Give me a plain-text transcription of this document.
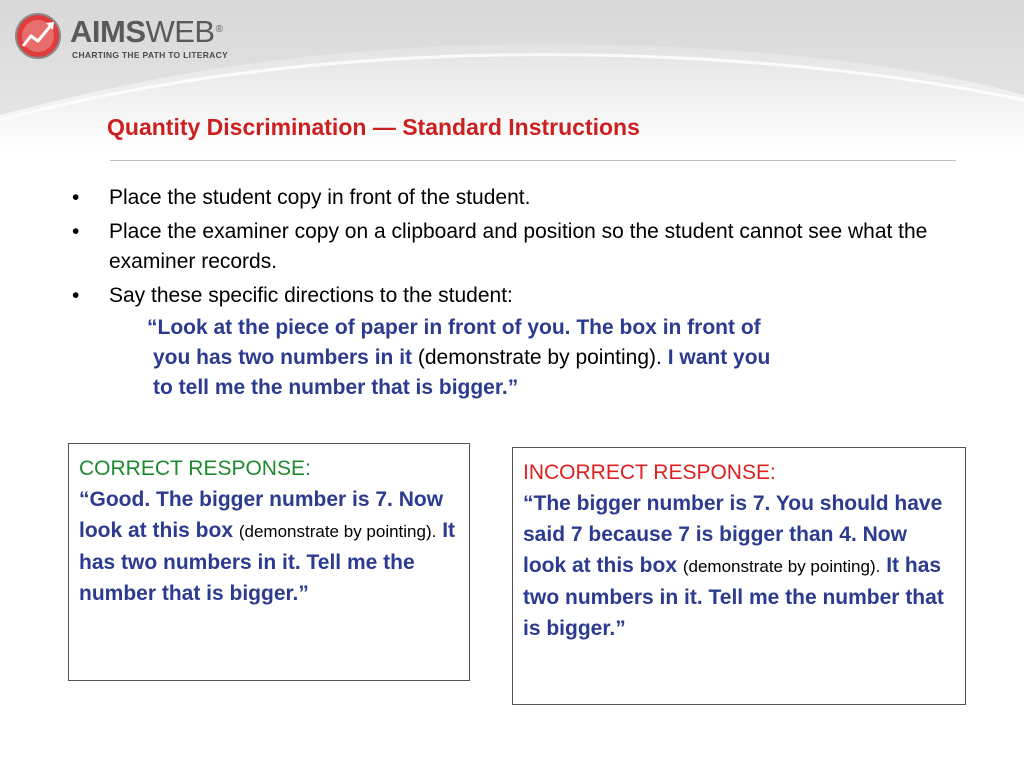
AIMSWEB®
CHARTING THE PATH TO LITERACY
Quantity Discrimination — Standard Instructions
• Place the student copy in front of the student.
• Place the examiner copy on a clipboard and position so the student cannot see what the examiner records.
• Say these specific directions to the student:
“Look at the piece of paper in front of you. The box in front of
you has two numbers in it (demonstrate by pointing). I want you
to tell me the number that is bigger.”
CORRECT RESPONSE:
“Good. The bigger number is 7. Now look at this box (demonstrate by pointing). It has two numbers in it. Tell me the number that is bigger.”
INCORRECT RESPONSE:
“The bigger number is 7. You should have said 7 because 7 is bigger than 4. Now look at this box (demonstrate by pointing). It has two numbers in it. Tell me the number that is bigger.”
